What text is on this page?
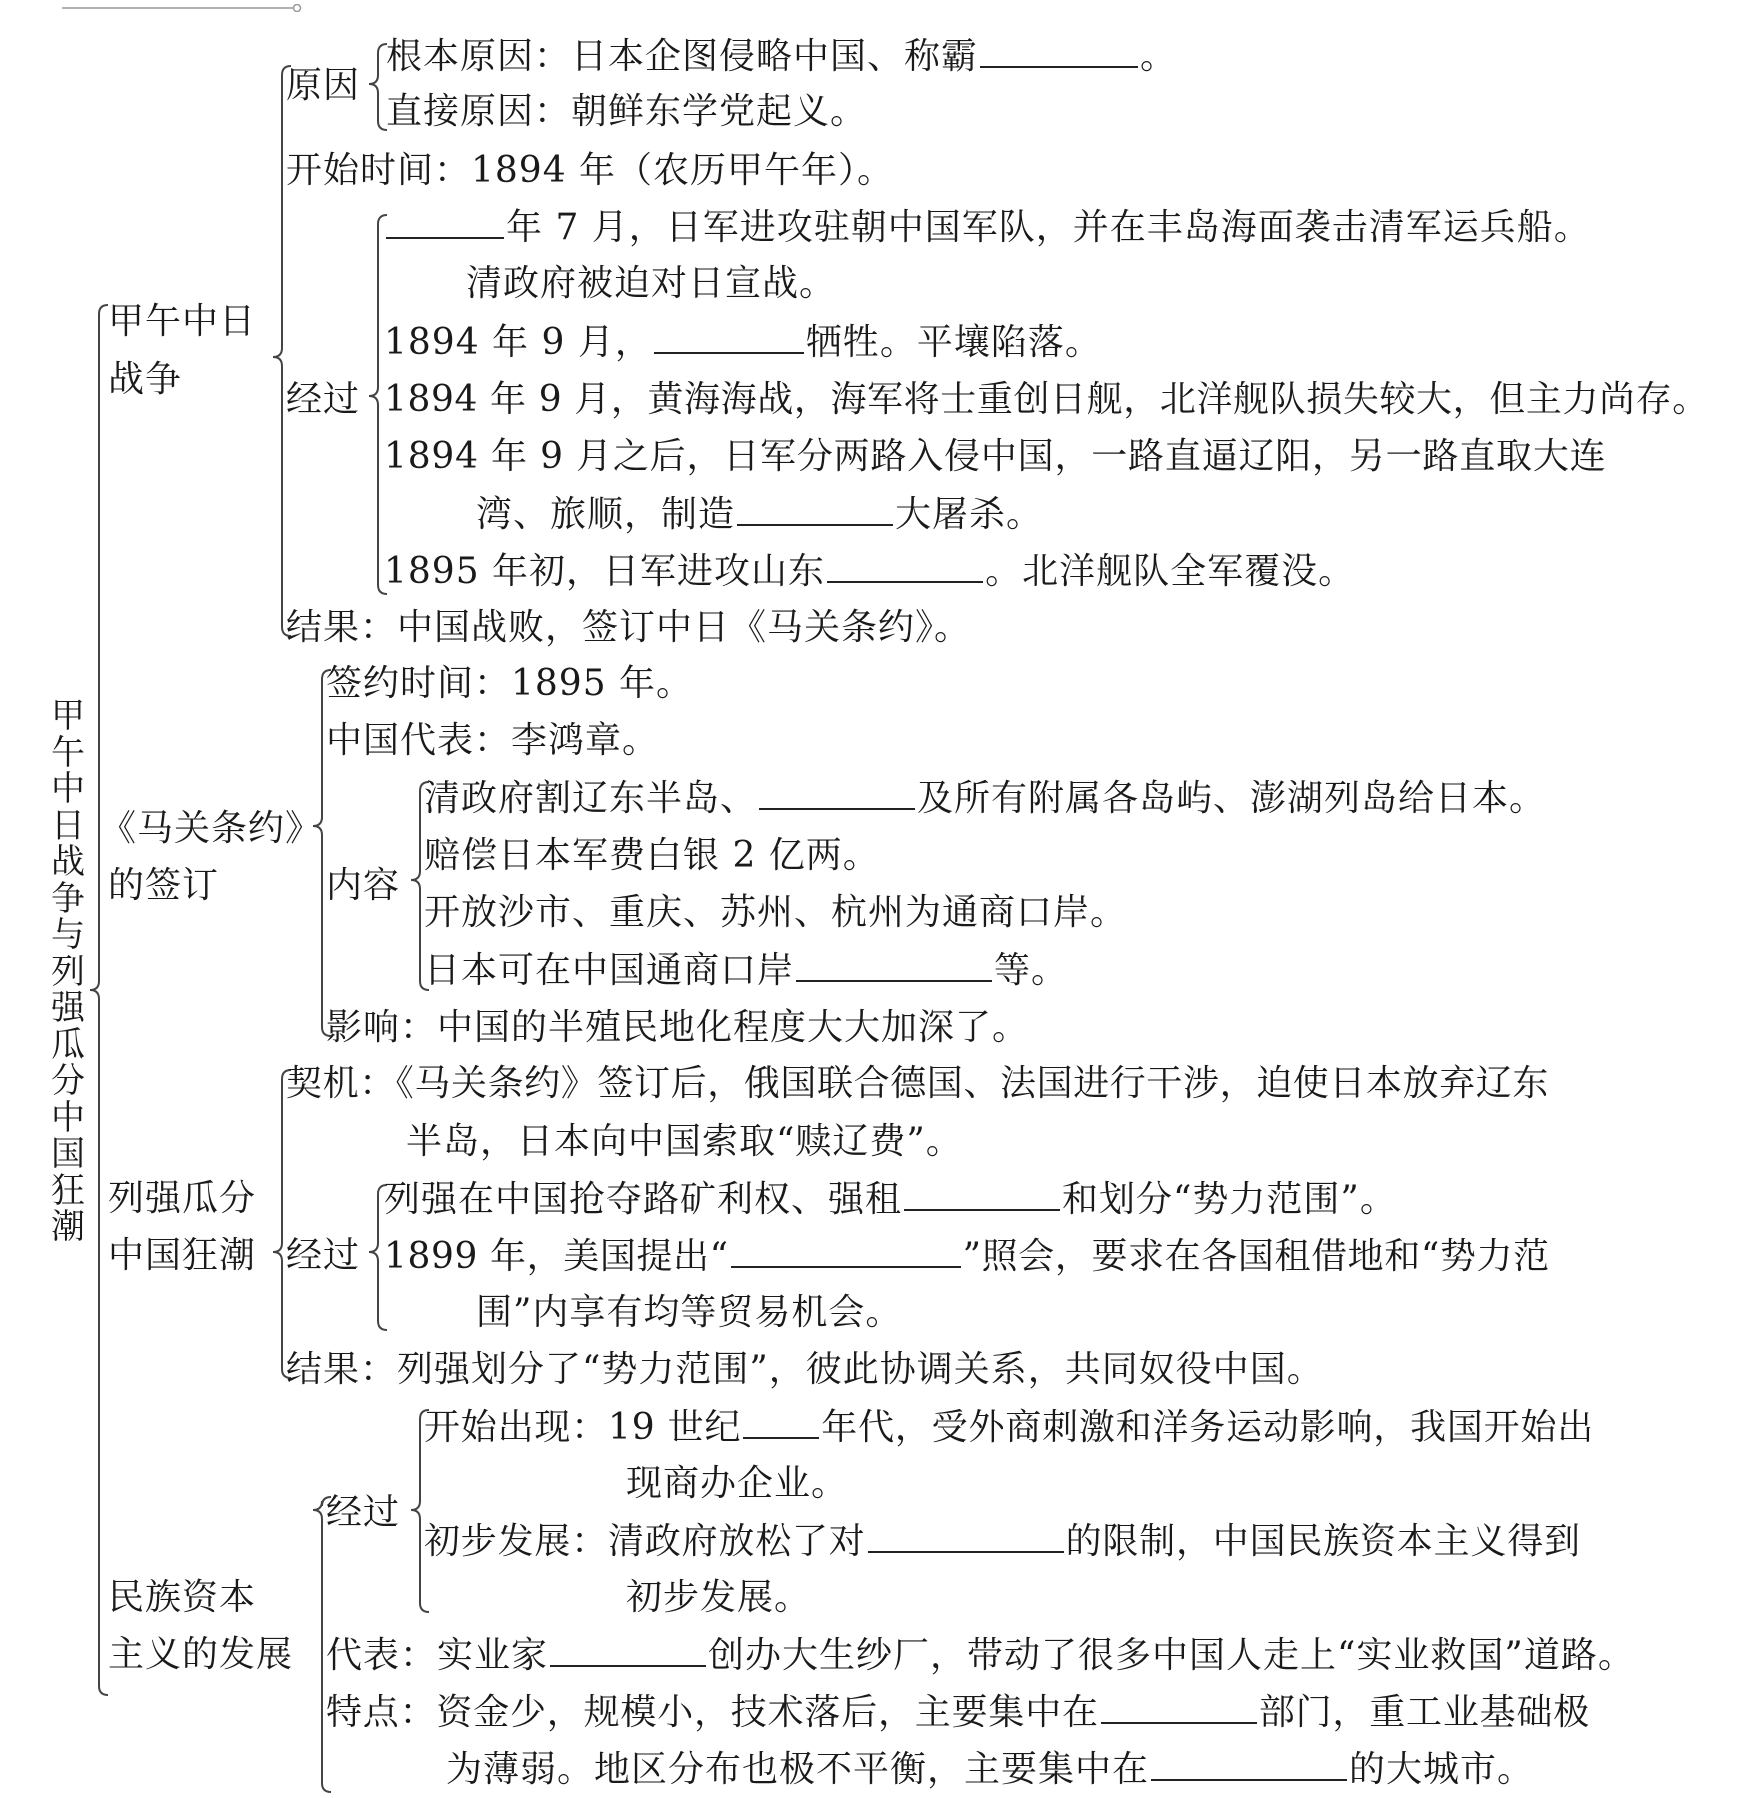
甲午中日战争与列强瓜分中国狂潮
甲午中日
战争
原因
根本原因：日本企图侵略中国、称霸	。
直接原因：朝鲜东学党起义。
开始时间：1894 年（农历甲午年）。
经过
年 7 月，日军进攻驻朝中国军队，并在丰岛海面袭击清军运兵船。
清政府被迫对日宣战。
1894 年 9 月，	牺牲。平壤陷落。
1894 年 9 月，黄海海战，海军将士重创日舰，北洋舰队损失较大，但主力尚存。
1894 年 9 月之后，日军分两路入侵中国，一路直逼辽阳，另一路直取大连
湾、旅顺，制造	大屠杀。
1895 年初，日军进攻山东	。北洋舰队全军覆没。
结果：中国战败，签订中日《马关条约》。
《马关条约》
的签订
签约时间：1895 年。
中国代表：李鸿章。
内容
清政府割辽东半岛、	及所有附属各岛屿、澎湖列岛给日本。
赔偿日本军费白银 2 亿两。
开放沙市、重庆、苏州、杭州为通商口岸。
日本可在中国通商口岸	等。
影响：中国的半殖民地化程度大大加深了。
列强瓜分
中国狂潮
契机：《马关条约》签订后，俄国联合德国、法国进行干涉，迫使日本放弃辽东
半岛，日本向中国索取“赎辽费”。
经过
列强在中国抢夺路矿利权、强租	和划分“势力范围”。
1899 年，美国提出“	”照会，要求在各国租借地和“势力范
围”内享有均等贸易机会。
结果：列强划分了“势力范围”，彼此协调关系，共同奴役中国。
民族资本
主义的发展
经过
开始出现：19 世纪 年代，受外商刺激和洋务运动影响，我国开始出
现商办企业。
初步发展：清政府放松了对	的限制，中国民族资本主义得到
初步发展。
代表：实业家	创办大生纱厂，带动了很多中国人走上“实业救国”道路。
特点：资金少，规模小，技术落后，主要集中在	部门，重工业基础极
为薄弱。地区分布也极不平衡，主要集中在	的大城市。
